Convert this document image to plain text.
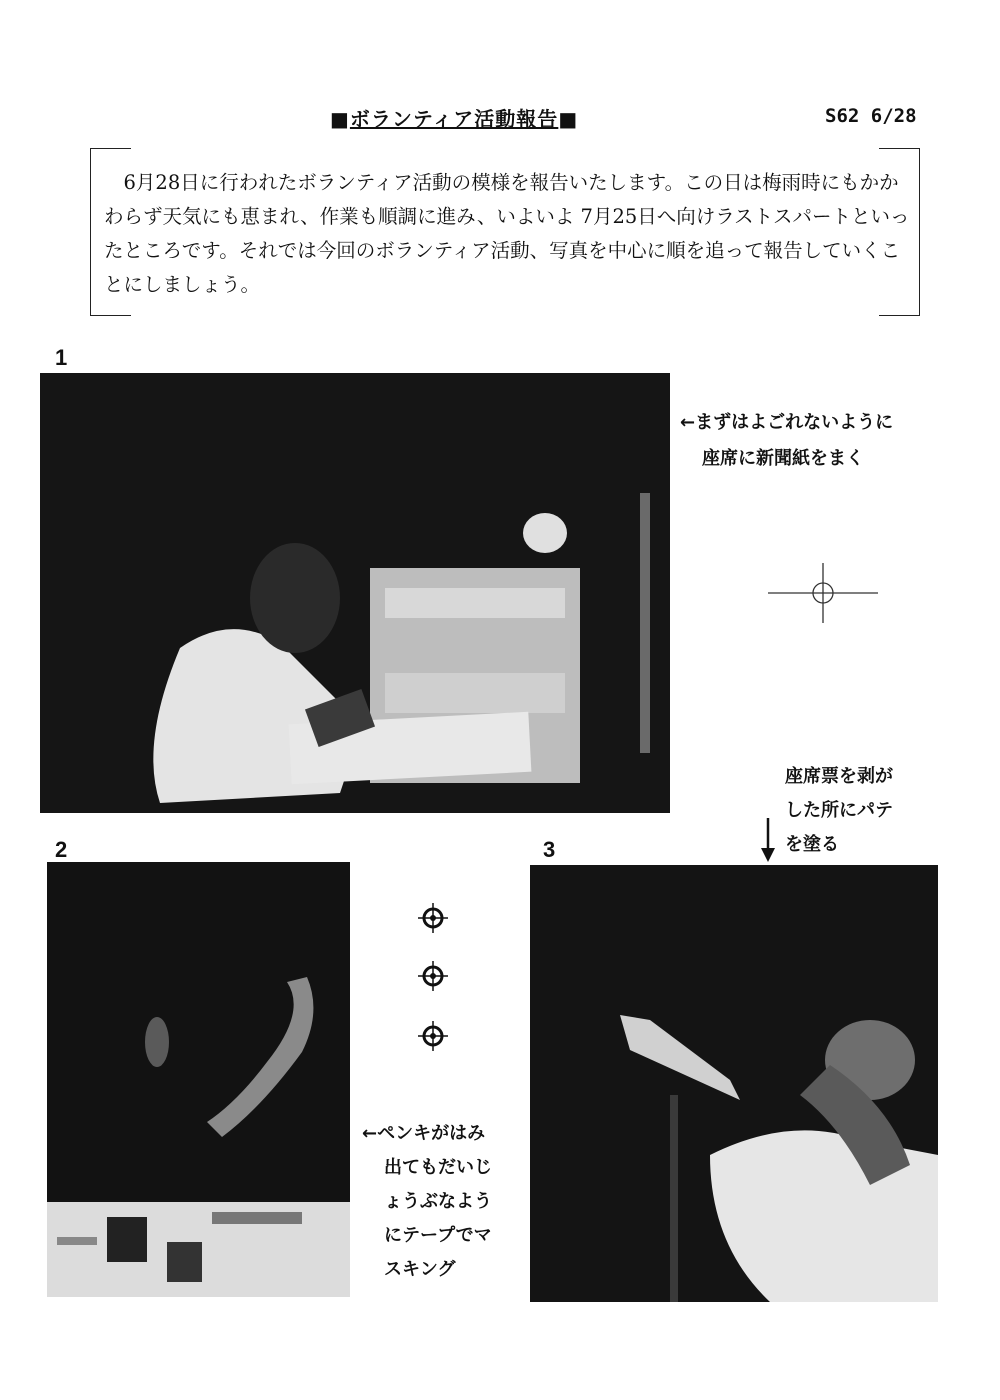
■ボランティア活動報告■	S62 6/28

6月28日に行われたボランティア活動の模様を報告いたします。この日は梅雨時にもかかわらず天気にも恵まれ、作業も順調に進み、いよいよ 7月25日へ向けラストスパートといったところです。それでは今回のボランティア活動、写真を中心に順を追って報告していくことにしましょう。

1
←まずはよごれないように
座席に新聞紙をまく
座席票を剥が
した所にパテ
を塗る
2
←ペンキがはみ
出てもだいじ
ょうぶなよう
にテープでマ
スキング
3
